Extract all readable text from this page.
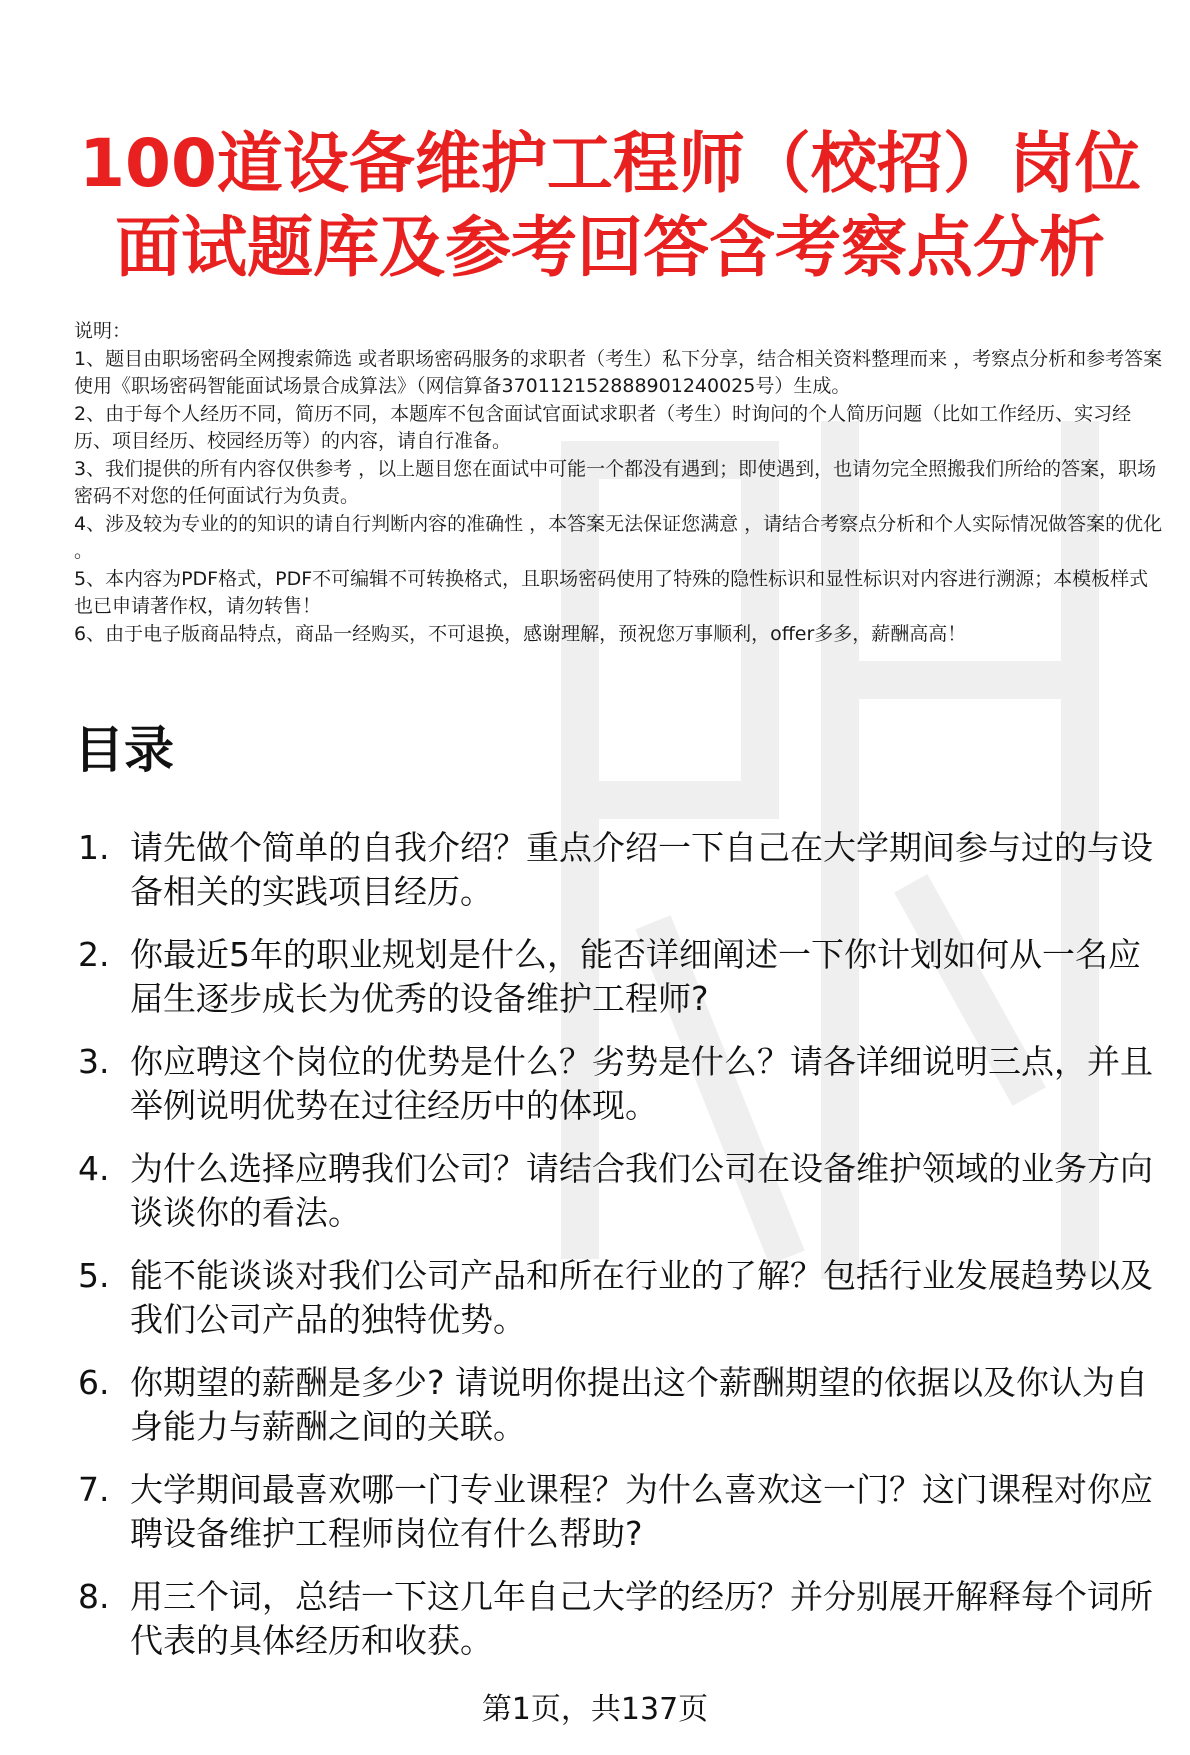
100道设备维护工程师（校招）岗位
面试题库及参考回答含考察点分析

说明：

1、题目由职场密码全网搜索筛选 或者职场密码服务的求职者（考生）私下分享，结合相关资料整理而来 ，考察点分析和参考答案使用《职场密码智能面试场景合成算法》（网信算备370112152888901240025号）生成。

2、由于每个人经历不同，简历不同，本题库不包含面试官面试求职者（考生）时询问的个人简历问题（比如工作经历、实习经历、项目经历、校园经历等）的内容，请自行准备。

3、我们提供的所有内容仅供参考 ，以上题目您在面试中可能一个都没有遇到；即使遇到，也请勿完全照搬我们所给的答案，职场密码不对您的任何面试行为负责。

4、涉及较为专业的的知识的请自行判断内容的准确性 ，本答案无法保证您满意 ，请结合考察点分析和个人实际情况做答案的优化 。

5、本内容为PDF格式，PDF不可编辑不可转换格式，且职场密码使用了特殊的隐性标识和显性标识对内容进行溯源；本模板样式也已申请著作权，请勿转售！

6、由于电子版商品特点，商品一经购买，不可退换，感谢理解，预祝您万事顺利，offer多多，薪酬高高！

目录
1. 请先做个简单的自我介绍？重点介绍一下自己在大学期间参与过的与设备相关的实践项目经历。
2. 你最近5年的职业规划是什么，能否详细阐述一下你计划如何从一名应届生逐步成长为优秀的设备维护工程师?
3. 你应聘这个岗位的优势是什么？劣势是什么？请各详细说明三点，并且举例说明优势在过往经历中的体现。
4. 为什么选择应聘我们公司？请结合我们公司在设备维护领域的业务方向谈谈你的看法。
5. 能不能谈谈对我们公司产品和所在行业的了解？包括行业发展趋势以及我们公司产品的独特优势。
6. 你期望的薪酬是多少? 请说明你提出这个薪酬期望的依据以及你认为自身能力与薪酬之间的关联。
7. 大学期间最喜欢哪一门专业课程？为什么喜欢这一门？这门课程对你应聘设备维护工程师岗位有什么帮助?
8. 用三个词，总结一下这几年自己大学的经历？并分别展开解释每个词所代表的具体经历和收获。
第1页，共137页
